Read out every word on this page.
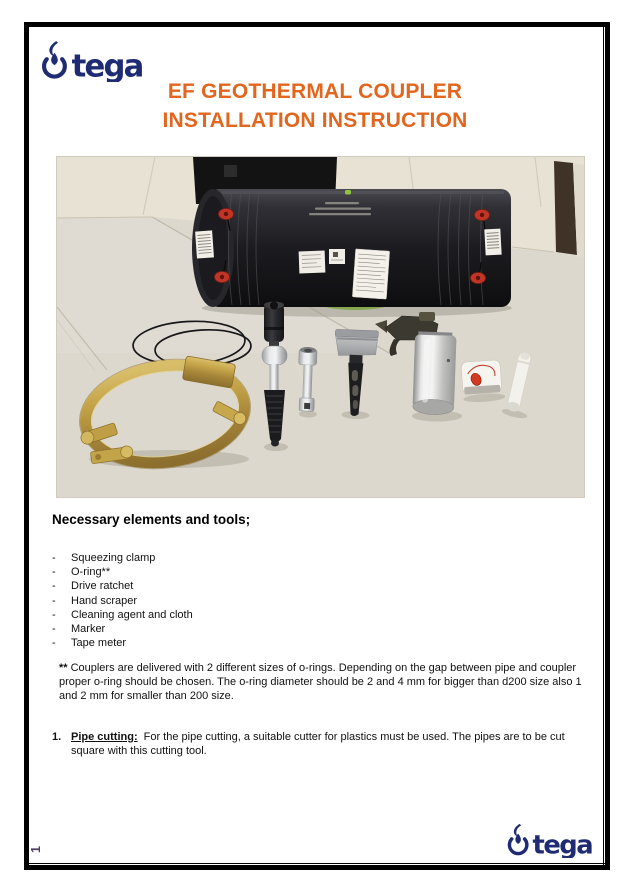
tega
EF GEOTHERMAL COUPLER
INSTALLATION INSTRUCTION
Necessary elements and tools;
-	Squeezing clamp
-	O-ring**
-	Drive ratchet
-	Hand scraper
-	Cleaning agent and cloth
-	Marker
-	Tape meter

** Couplers are delivered with 2 different sizes of o-rings. Depending on the gap between pipe and coupler proper o-ring should be chosen. The o-ring diameter should be 2 and 4 mm for bigger than d200 size also 1 and 2 mm for smaller than 200 size.

1. Pipe cutting: For the pipe cutting, a suitable cutter for plastics must be used. The pipes are to be cut square with this cutting tool.

1	tega
